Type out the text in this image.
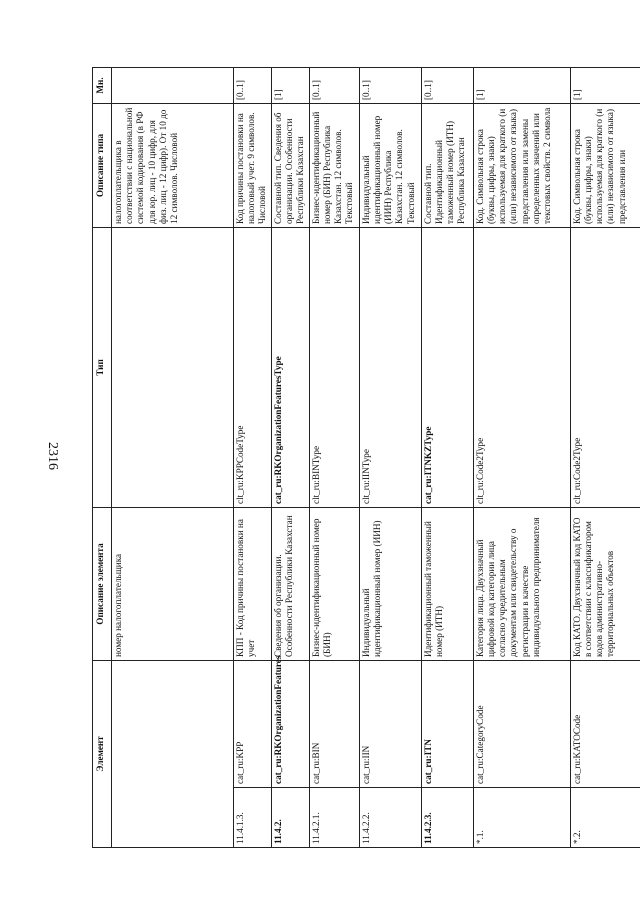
2316
Элемент		Описание элемента	Тип	Описание типа	Мн.
		номер налогоплательщика		налогоплательщика в соответствии с национальной системой кодирования (в РФ для юр. лиц - 10 цифр, для физ. лиц - 12 цифр). От 10 до 12 символов. Числовой	
11.4.1.3.	cat_ru:KPP	КПП - Код причины постановки на учет	clt_ru:KPPCodeType	Код причины постановки на налоговый учет. 9 символов. Числовой	[0..1]
11.4.2.	cat_ru:RKOrganizationFeatures	Сведения об организации. Особенности Республики Казахстан	cat_ru:RKOrganizationFeaturesType	Составной тип. Сведения об организации. Особенности Республики Казахстан	[1]
11.4.2.1.	cat_ru:BIN	Бизнес-идентификационный номер (БИН)	clt_ru:BINType	Бизнес-идентификационный номер (БИН) Республика Казахстан. 12 символов. Текстовый	[0..1]
11.4.2.2.	cat_ru:IIN	Индивидуальный идентификационный номер (ИИН)	clt_ru:IINType	Индивидуальный идентификационный номер (ИИН) Республика Казахстан. 12 символов. Текстовый	[0..1]
11.4.2.3.	cat_ru:ITN	Идентификационный таможенный номер (ИТН)	cat_ru:ITNKZType	Составной тип. Идентификационный таможенный номер (ИТН) Республика Казахстан	[0..1]
*.1.	cat_ru:CategoryCode	Категория лица. Двухзначный цифровой код категории лица согласно учредительным документам или свидетельству о регистрации в качестве индивидуального предпринимателя	clt_ru:Code2Type	Код. Символьная строка (буквы, цифры, знаки) используемая для краткого (и (или) независимого от языка) представления или замены определенных значений или текстовых свойств. 2 символа	[1]
*.2.	cat_ru:KATOCode	Код КАТО. Двухзначный код КАТО в соответствии с классификатором кодов административно-территориальных объектов	clt_ru:Code2Type	Код. Символьная строка (буквы, цифры, знаки) используемая для краткого (и (или) независимого от языка) представления или	[1]
